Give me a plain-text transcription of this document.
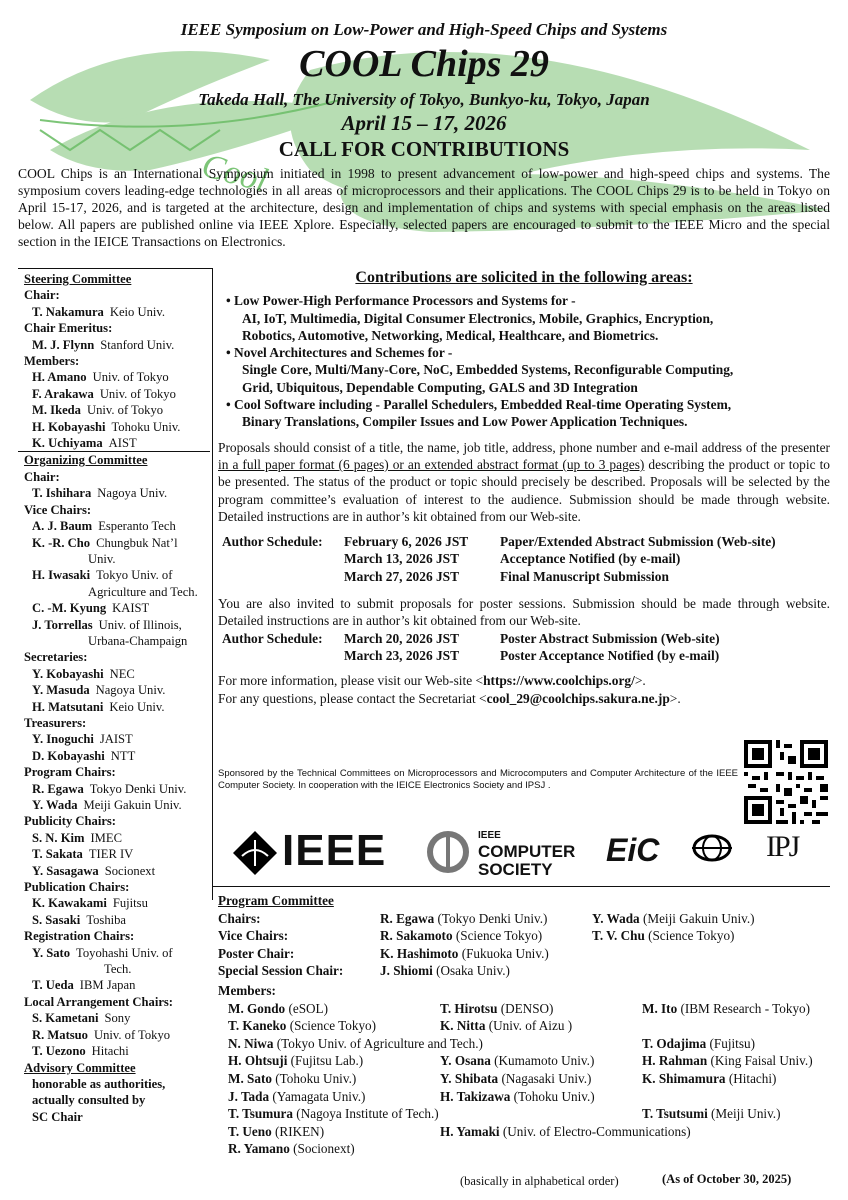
Cool
IEEE Symposium on Low-Power and High-Speed Chips and Systems
COOL Chips 29
Takeda Hall, The University of Tokyo, Bunkyo-ku, Tokyo, Japan
April 15 – 17, 2026
CALL FOR CONTRIBUTIONS
COOL Chips is an International Symposium initiated in 1998 to present advancement of low-power and high-speed chips and systems. The symposium covers leading-edge technologies in all areas of microprocessors and their applications. The COOL Chips 29 is to be held in Tokyo on April 15-17, 2026, and is targeted at the architecture, design and implementation of chips and systems with special emphasis on the areas listed below. All papers are published online via IEEE Xplore. Especially, selected papers are encouraged to submit to the IEEE Micro and the special section in the IEICE Transactions on Electronics.
Steering Committee
Chair:
T. Nakamura Keio Univ.
Chair Emeritus:
M. J. Flynn Stanford Univ.
Members:
H. Amano Univ. of Tokyo
F. Arakawa Univ. of Tokyo
M. Ikeda Univ. of Tokyo
H. Kobayashi Tohoku Univ.
K. Uchiyama AIST
Organizing Committee
Chair:
T. Ishihara Nagoya Univ.
Vice Chairs:
A. J. Baum Esperanto Tech
K. -R. Cho Chungbuk Nat’l
Univ.
H. Iwasaki Tokyo Univ. of
Agriculture and Tech.
C. -M. Kyung KAIST
J. Torrellas Univ. of Illinois,
Urbana-Champaign
Secretaries:
Y. Kobayashi NEC
Y. Masuda Nagoya Univ.
H. Matsutani Keio Univ.
Treasurers:
Y. Inoguchi JAIST
D. Kobayashi NTT
Program Chairs:
R. Egawa Tokyo Denki Univ.
Y. Wada Meiji Gakuin Univ.
Publicity Chairs:
S. N. Kim IMEC
T. Sakata TIER IV
Y. Sasagawa Socionext
Publication Chairs:
K. Kawakami Fujitsu
S. Sasaki Toshiba
Registration Chairs:
Y. Sato Toyohashi Univ. of
Tech.
T. Ueda IBM Japan
Local Arrangement Chairs:
S. Kametani Sony
R. Matsuo Univ. of Tokyo
T. Uezono Hitachi
Advisory Committee
honorable as authorities,
actually consulted by
SC Chair
Contributions are solicited in the following areas:
• Low Power-High Performance Processors and Systems for -
AI, IoT, Multimedia, Digital Consumer Electronics, Mobile, Graphics, Encryption,
Robotics, Automotive, Networking, Medical, Healthcare, and Biometrics.
• Novel Architectures and Schemes for -
Single Core, Multi/Many-Core, NoC, Embedded Systems, Reconfigurable Computing,
Grid, Ubiquitous, Dependable Computing, GALS and 3D Integration
• Cool Software including - Parallel Schedulers, Embedded Real-time Operating System,
Binary Translations, Compiler Issues and Low Power Application Techniques.
Proposals should consist of a title, the name, job title, address, phone number and e-mail address of the presenter in a full paper format (6 pages) or an extended abstract format (up to 3 pages) describing the product or topic to be presented. The status of the product or topic should precisely be described. Proposals will be selected by the program committee’s evaluation of interest to the audience. Submission should be made through website. Detailed instructions are in author’s kit obtained from our Web-site.
Author Schedule:	February 6, 2026 JST	Paper/Extended Abstract Submission (Web-site)
March 13, 2026 JST	Acceptance Notified (by e-mail)
March 27, 2026 JST	Final Manuscript Submission
You are also invited to submit proposals for poster sessions. Submission should be made through website. Detailed instructions are in author’s kit obtained from our Web-site.
Author Schedule:	March 20, 2026 JST	Poster Abstract Submission (Web-site)
March 23, 2026 JST	Poster Acceptance Notified (by e-mail)
For more information, please visit our Web-site <https://www.coolchips.org/>.
For any questions, please contact the Secretariat <cool_29@coolchips.sakura.ne.jp>.
Sponsored by the Technical Committees on Microprocessors and Microcomputers and Computer Architecture of the IEEE Computer Society. In cooperation with the IEICE Electronics Society and IPSJ .
IEEE	IEEE
COMPUTER
SOCIETY
EiC	IPJ
Program Committee
Chairs:	R. Egawa (Tokyo Denki Univ.)	Y. Wada (Meiji Gakuin Univ.)
Vice Chairs:	R. Sakamoto (Science Tokyo)	T. V. Chu (Science Tokyo)
Poster Chair:	K. Hashimoto (Fukuoka Univ.)
Special Session Chair:	J. Shiomi (Osaka Univ.)
Members:
M. Gondo (eSOL)	T. Hirotsu (DENSO)	M. Ito (IBM Research - Tokyo)
T. Kaneko (Science Tokyo)	K. Nitta (Univ. of Aizu )
N. Niwa (Tokyo Univ. of Agriculture and Tech.)	T. Odajima (Fujitsu)
H. Ohtsuji (Fujitsu Lab.)	Y. Osana (Kumamoto Univ.)	H. Rahman (King Faisal Univ.)
M. Sato (Tohoku Univ.)	Y. Shibata (Nagasaki Univ.)	K. Shimamura (Hitachi)
J. Tada (Yamagata Univ.)	H. Takizawa (Tohoku Univ.)
T. Tsumura (Nagoya Institute of Tech.)	T. Tsutsumi (Meiji Univ.)
T. Ueno (RIKEN)	H. Yamaki (Univ. of Electro-Communications)
R. Yamano (Socionext)
(basically in alphabetical order)	(As of October 30, 2025)
